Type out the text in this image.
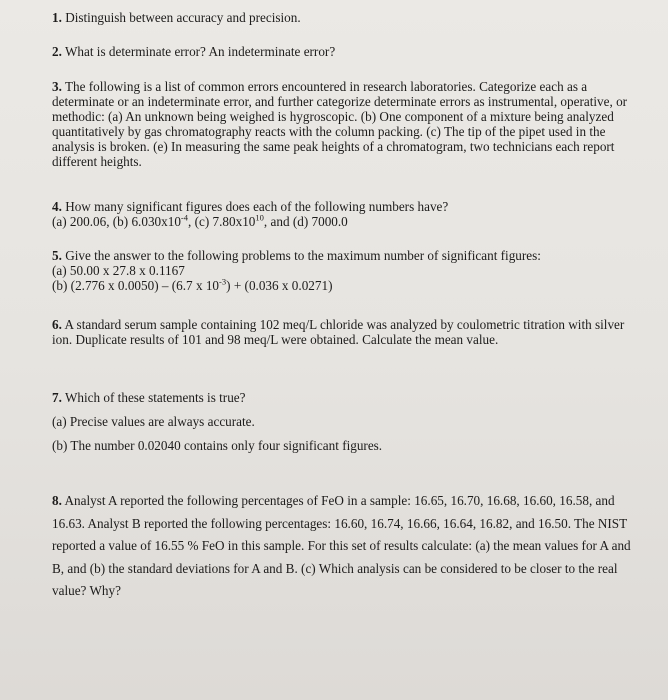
1. Distinguish between accuracy and precision.

2. What is determinate error? An indeterminate error?

3. The following is a list of common errors encountered in research laboratories. Categorize each as a determinate or an indeterminate error, and further categorize determinate errors as instrumental, operative, or methodic: (a) An unknown being weighed is hygroscopic. (b) One component of a mixture being analyzed quantitatively by gas chromatography reacts with the column packing. (c) The tip of the pipet used in the analysis is broken. (e) In measuring the same peak heights of a chromatogram, two technicians each report different heights.

4. How many significant figures does each of the following numbers have?

(a) 200.06, (b) $6.030x10^{-4}$, (c) $7.80x10^{10}$, and (d) 7000.0

5. Give the answer to the following problems to the maximum number of significant figures:

(a) 50.00 x 27.8 x 0.1167

(b) (2.776 x 0.0050) – (6.7 x $10^{-3}) + (0.036$ x 0.0271)

6. A standard serum sample containing 102 meq/L chloride was analyzed by coulometric titration with silver ion. Duplicate results of 101 and 98 meq/L were obtained. Calculate the mean value.

7. Which of these statements is true?

(a) Precise values are always accurate.

(b) The number 0.02040 contains only four significant figures.

8. Analyst A reported the following percentages of FeO in a sample: 16.65, 16.70, 16.68, 16.60, 16.58, and 16.63. Analyst B reported the following percentages: 16.60, 16.74, 16.66, 16.64, 16.82, and 16.50. The NIST reported a value of 16.55 % FeO in this sample. For this set of results calculate: (a) the mean values for A and B, and (b) the standard deviations for A and B. (c) Which analysis can be considered to be closer to the real value? Why?
